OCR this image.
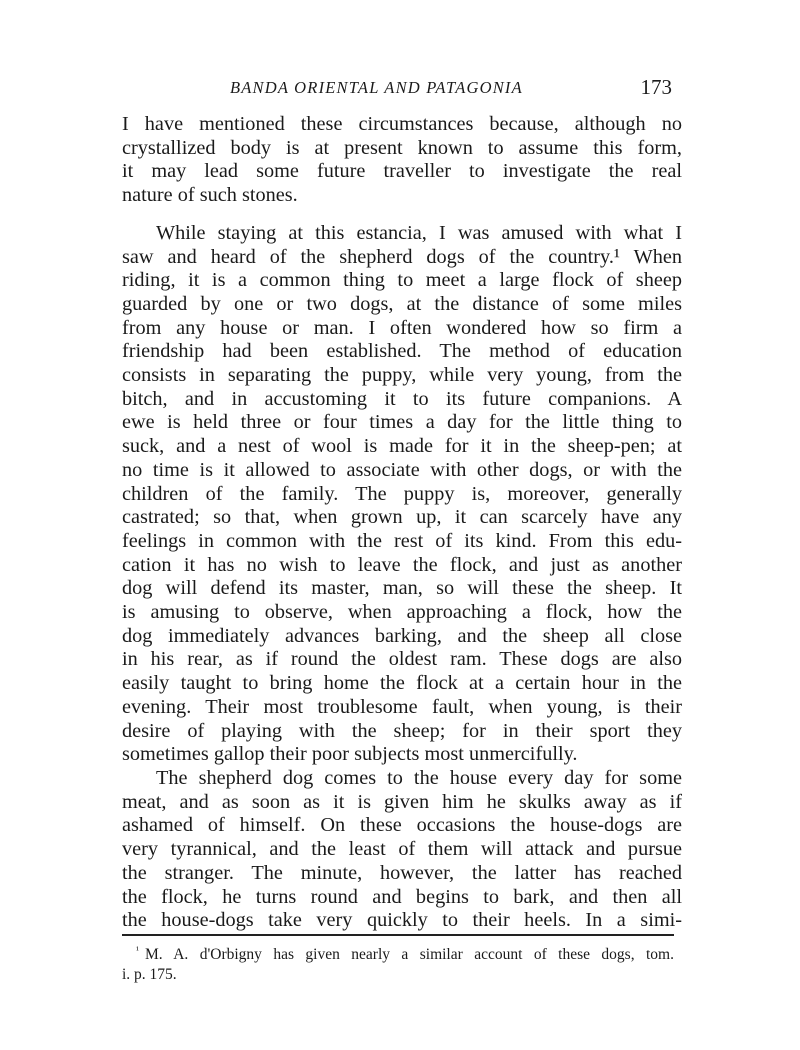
BANDA ORIENTAL AND PATAGONIA	173

I have mentioned these circumstances because, although no
crystallized body is at present known to assume this form,
it may lead some future traveller to investigate the real
nature of such stones.

While staying at this estancia, I was amused with what I
saw and heard of the shepherd dogs of the country.¹ When
riding, it is a common thing to meet a large flock of sheep
guarded by one or two dogs, at the distance of some miles
from any house or man. I often wondered how so firm a
friendship had been established. The method of education
consists in separating the puppy, while very young, from the
bitch, and in accustoming it to its future companions. A
ewe is held three or four times a day for the little thing to
suck, and a nest of wool is made for it in the sheep-pen; at
no time is it allowed to associate with other dogs, or with the
children of the family. The puppy is, moreover, generally
castrated; so that, when grown up, it can scarcely have any
feelings in common with the rest of its kind. From this edu-
cation it has no wish to leave the flock, and just as another
dog will defend its master, man, so will these the sheep. It
is amusing to observe, when approaching a flock, how the
dog immediately advances barking, and the sheep all close
in his rear, as if round the oldest ram. These dogs are also
easily taught to bring home the flock at a certain hour in the
evening. Their most troublesome fault, when young, is their
desire of playing with the sheep; for in their sport they
sometimes gallop their poor subjects most unmercifully.

The shepherd dog comes to the house every day for some
meat, and as soon as it is given him he skulks away as if
ashamed of himself. On these occasions the house-dogs are
very tyrannical, and the least of them will attack and pursue
the stranger. The minute, however, the latter has reached
the flock, he turns round and begins to bark, and then all
the house-dogs take very quickly to their heels. In a simi-

$^{^1}$ M. A. d'Orbigny has given nearly a similar account of these dogs, tom.
i. p. 175.
